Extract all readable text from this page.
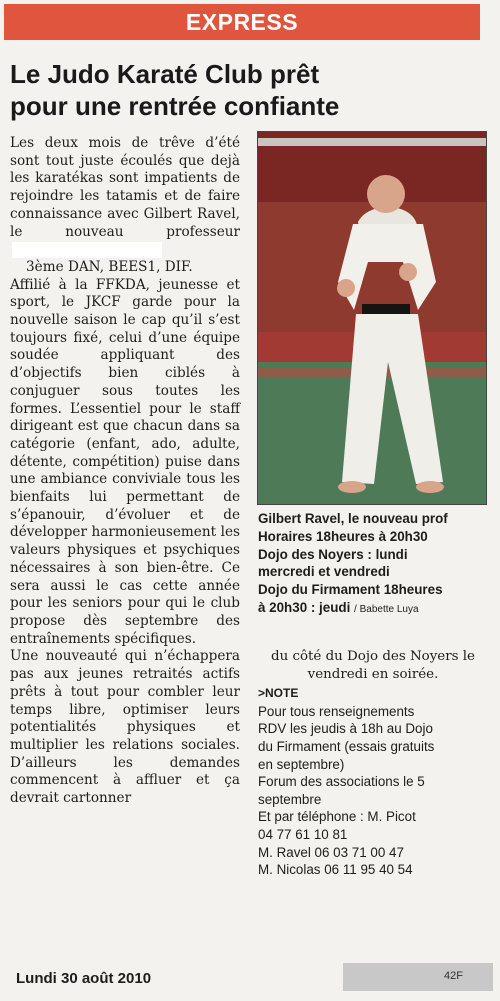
EXPRESS
Le Judo Karaté Club prêt
pour une rentrée confiante

Les deux mois de trêve d’été sont tout juste écoulés que dejà les karatékas sont impatients de rejoindre les tatamis et de faire connaissance avec Gilbert Ravel, le nouveau professeur

3ème DAN, BEES1, DIF.

Affilié à la FFKDA, jeunesse et sport, le JKCF garde pour la nouvelle saison le cap qu’il s’est toujours fixé, celui d’une équipe soudée appliquant des d’objectifs bien ciblés à conjuguer sous toutes les formes. L’essentiel pour le staff dirigeant est que chacun dans sa catégorie (enfant, ado, adulte, détente, compétition) puise dans une ambiance conviviale tous les bienfaits lui permettant de s’épanouir, d’évoluer et de développer harmonieusement les valeurs physiques et psychiques nécessaires à son bien-être. Ce sera aussi le cas cette année pour les seniors pour qui le club propose dès septembre des entraînements spécifiques.

Une nouveauté qui n’échappera pas aux jeunes retraités actifs prêts à tout pour combler leur temps libre, optimiser leurs potentialités physiques et multiplier les relations sociales. D’ailleurs les demandes commencent à affluer et ça devrait cartonner

Gilbert Ravel, le nouveau prof
Horaires 18heures à 20h30
Dojo des Noyers : lundi
mercredi et vendredi
Dojo du Firmament 18heures
à 20h30 : jeudi / Babette Luya
du côté du Dojo des Noyers le vendredi en soirée.
>NOTE
Pour tous renseignements
RDV les jeudis à 18h au Dojo
du Firmament (essais gratuits
en septembre)
Forum des associations le 5
septembre
Et par téléphone : M. Picot
04 77 61 10 81
M. Ravel 06 03 71 00 47
M. Nicolas 06 11 95 40 54
Lundi 30 août 2010	42F
